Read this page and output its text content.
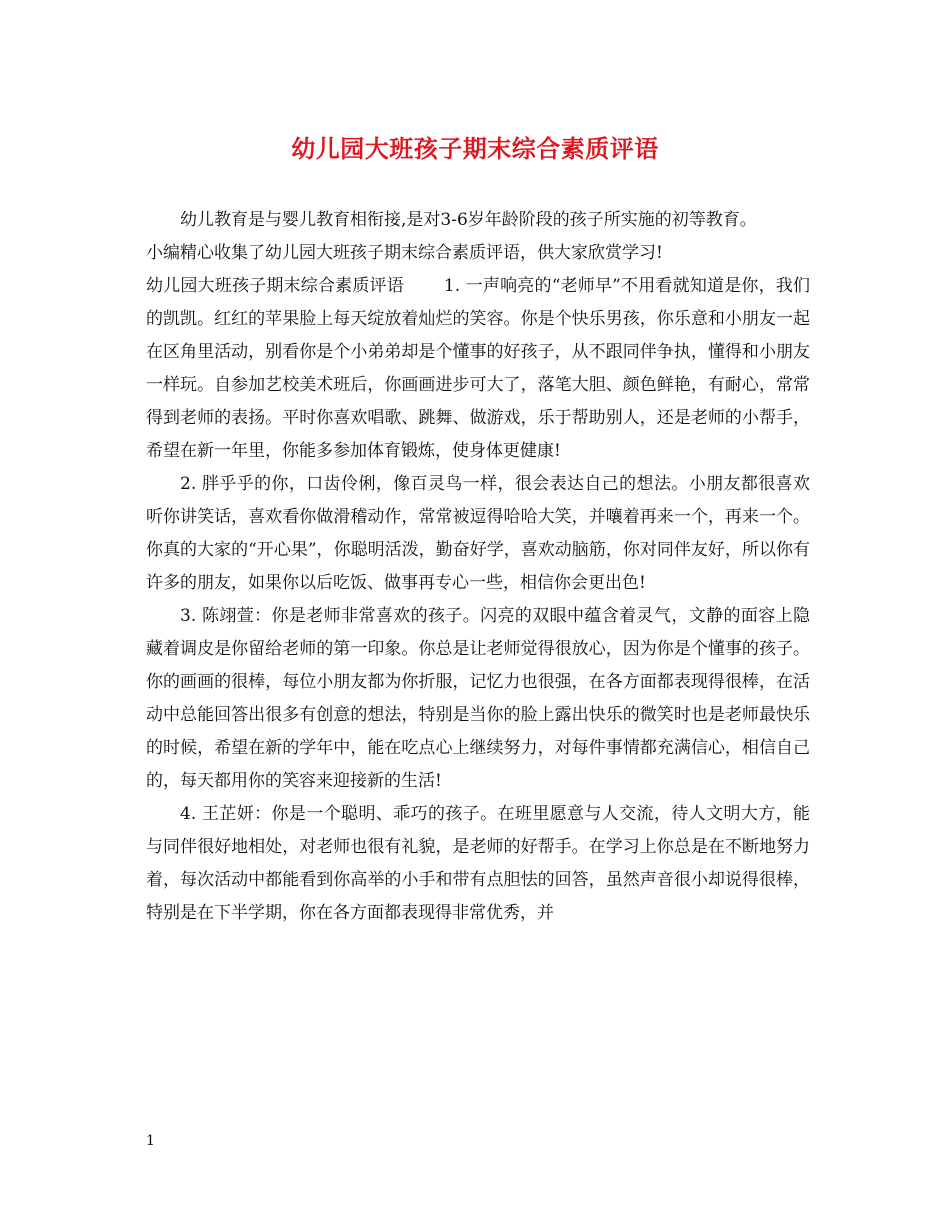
幼儿园大班孩子期末综合素质评语

幼儿教育是与婴儿教育相衔接,是对3-6岁年龄阶段的孩子所实施的初等教育。

小编精心收集了幼儿园大班孩子期末综合素质评语，供大家欣赏学习!

幼儿园大班孩子期末综合素质评语　　 1. 一声响亮的“老师早”不用看就知道是你，我们的凯凯。红红的苹果脸上每天绽放着灿烂的笑容。你是个快乐男孩，你乐意和小朋友一起在区角里活动，别看你是个小弟弟却是个懂事的好孩子，从不跟同伴争执，懂得和小朋友一样玩。自参加艺校美术班后，你画画进步可大了，落笔大胆、颜色鲜艳，有耐心，常常得到老师的表扬。平时你喜欢唱歌、跳舞、做游戏，乐于帮助别人，还是老师的小帮手，希望在新一年里，你能多参加体育锻炼，使身体更健康!

2. 胖乎乎的你，口齿伶俐，像百灵鸟一样，很会表达自己的想法。小朋友都很喜欢听你讲笑话，喜欢看你做滑稽动作，常常被逗得哈哈大笑，并嚷着再来一个，再来一个。你真的大家的“开心果”，你聪明活泼，勤奋好学，喜欢动脑筋，你对同伴友好，所以你有许多的朋友，如果你以后吃饭、做事再专心一些，相信你会更出色!

3. 陈翊萱：你是老师非常喜欢的孩子。闪亮的双眼中蕴含着灵气，文静的面容上隐藏着调皮是你留给老师的第一印象。你总是让老师觉得很放心，因为你是个懂事的孩子。你的画画的很棒，每位小朋友都为你折服，记忆力也很强，在各方面都表现得很棒，在活动中总能回答出很多有创意的想法，特别是当你的脸上露出快乐的微笑时也是老师最快乐的时候，希望在新的学年中，能在吃点心上继续努力，对每件事情都充满信心，相信自己的，每天都用你的笑容来迎接新的生活!

4. 王芷妍：你是一个聪明、乖巧的孩子。在班里愿意与人交流，待人文明大方，能与同伴很好地相处，对老师也很有礼貌，是老师的好帮手。在学习上你总是在不断地努力着，每次活动中都能看到你高举的小手和带有点胆怯的回答，虽然声音很小却说得很棒，特别是在下半学期，你在各方面都表现得非常优秀，并

1
